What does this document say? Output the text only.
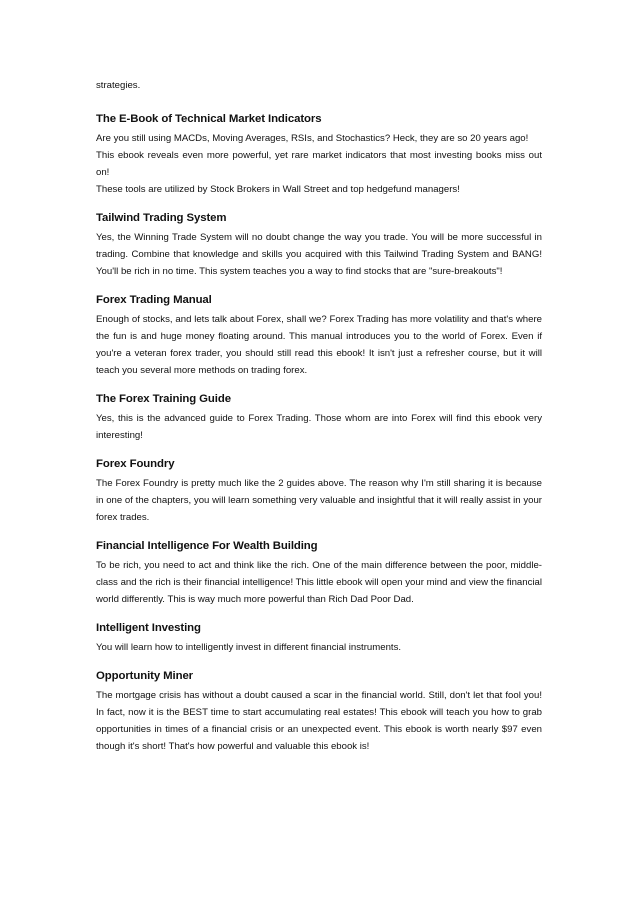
strategies.

The E-Book of Technical Market Indicators

Are you still using MACDs, Moving Averages, RSIs, and Stochastics? Heck, they are so 20 years ago!

This ebook reveals even more powerful, yet rare market indicators that most investing books miss out on!

These tools are utilized by Stock Brokers in Wall Street and top hedgefund managers!

Tailwind Trading System

Yes, the Winning Trade System will no doubt change the way you trade. You will be more successful in trading. Combine that knowledge and skills you acquired with this Tailwind Trading System and BANG! You'll be rich in no time. This system teaches you a way to find stocks that are "sure-breakouts"!

Forex Trading Manual

Enough of stocks, and lets talk about Forex, shall we? Forex Trading has more volatility and that's where the fun is and huge money floating around. This manual introduces you to the world of Forex. Even if you're a veteran forex trader, you should still read this ebook! It isn't just a refresher course, but it will teach you several more methods on trading forex.

The Forex Training Guide

Yes, this is the advanced guide to Forex Trading. Those whom are into Forex will find this ebook very interesting!

Forex Foundry

The Forex Foundry is pretty much like the 2 guides above. The reason why I'm still sharing it is because in one of the chapters, you will learn something very valuable and insightful that it will really assist in your forex trades.

Financial Intelligence For Wealth Building

To be rich, you need to act and think like the rich. One of the main difference between the poor, middle-class and the rich is their financial intelligence! This little ebook will open your mind and view the financial world differently. This is way much more powerful than Rich Dad Poor Dad.

Intelligent Investing

You will learn how to intelligently invest in different financial instruments.

Opportunity Miner

The mortgage crisis has without a doubt caused a scar in the financial world. Still, don't let that fool you! In fact, now it is the BEST time to start accumulating real estates! This ebook will teach you how to grab opportunities in times of a financial crisis or an unexpected event. This ebook is worth nearly $97 even though it's short! That's how powerful and valuable this ebook is!
